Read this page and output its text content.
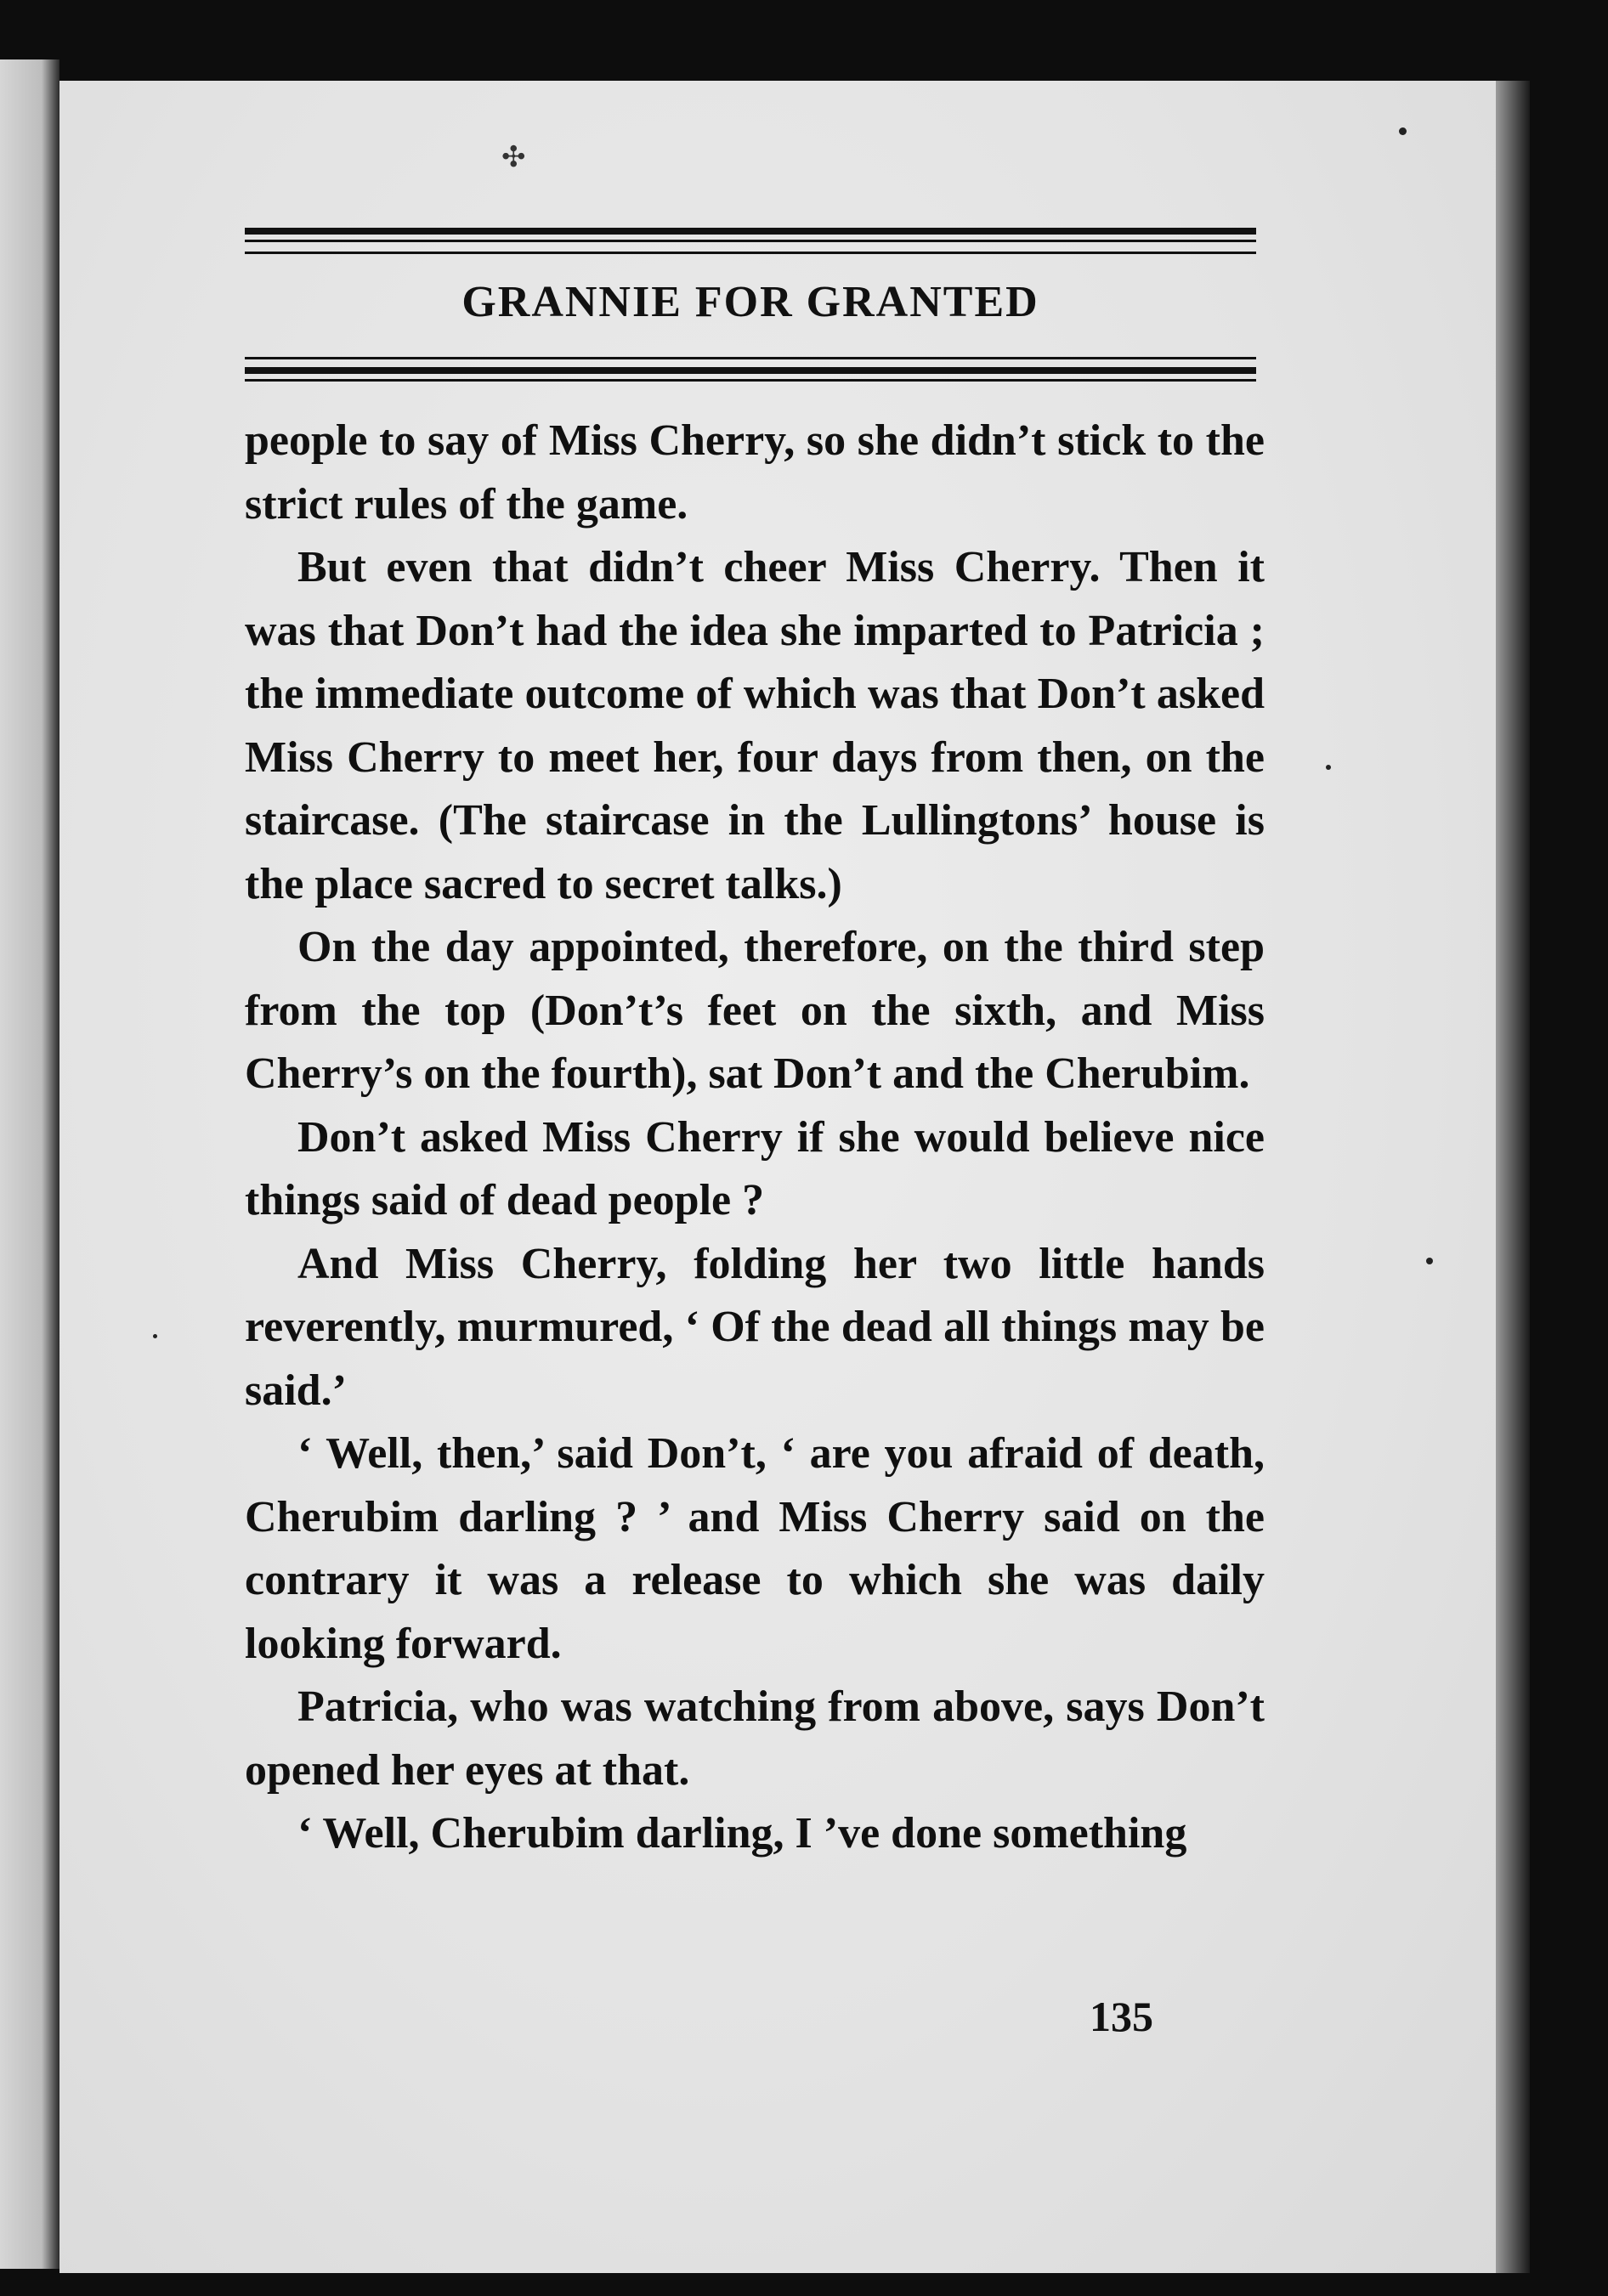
✣
GRANNIE FOR GRANTED

people to say of Miss Cherry, so she didn’t stick to the strict rules of the game.

But even that didn’t cheer Miss Cherry. Then it was that Don’t had the idea she imparted to Patricia ; the immediate outcome of which was that Don’t asked Miss Cherry to meet her, four days from then, on the staircase. (The staircase in the Lullingtons’ house is the place sacred to secret talks.)

On the day appointed, therefore, on the third step from the top (Don’t’s feet on the sixth, and Miss Cherry’s on the fourth), sat Don’t and the Cherubim.

Don’t asked Miss Cherry if she would believe nice things said of dead people ?

And Miss Cherry, folding her two little hands reverently, murmured, ‘ Of the dead all things may be said.’

‘ Well, then,’ said Don’t, ‘ are you afraid of death, Cherubim darling ? ’ and Miss Cherry said on the contrary it was a release to which she was daily looking forward.

Patricia, who was watching from above, says Don’t opened her eyes at that.

‘ Well, Cherubim darling, I ’ve done something

135
